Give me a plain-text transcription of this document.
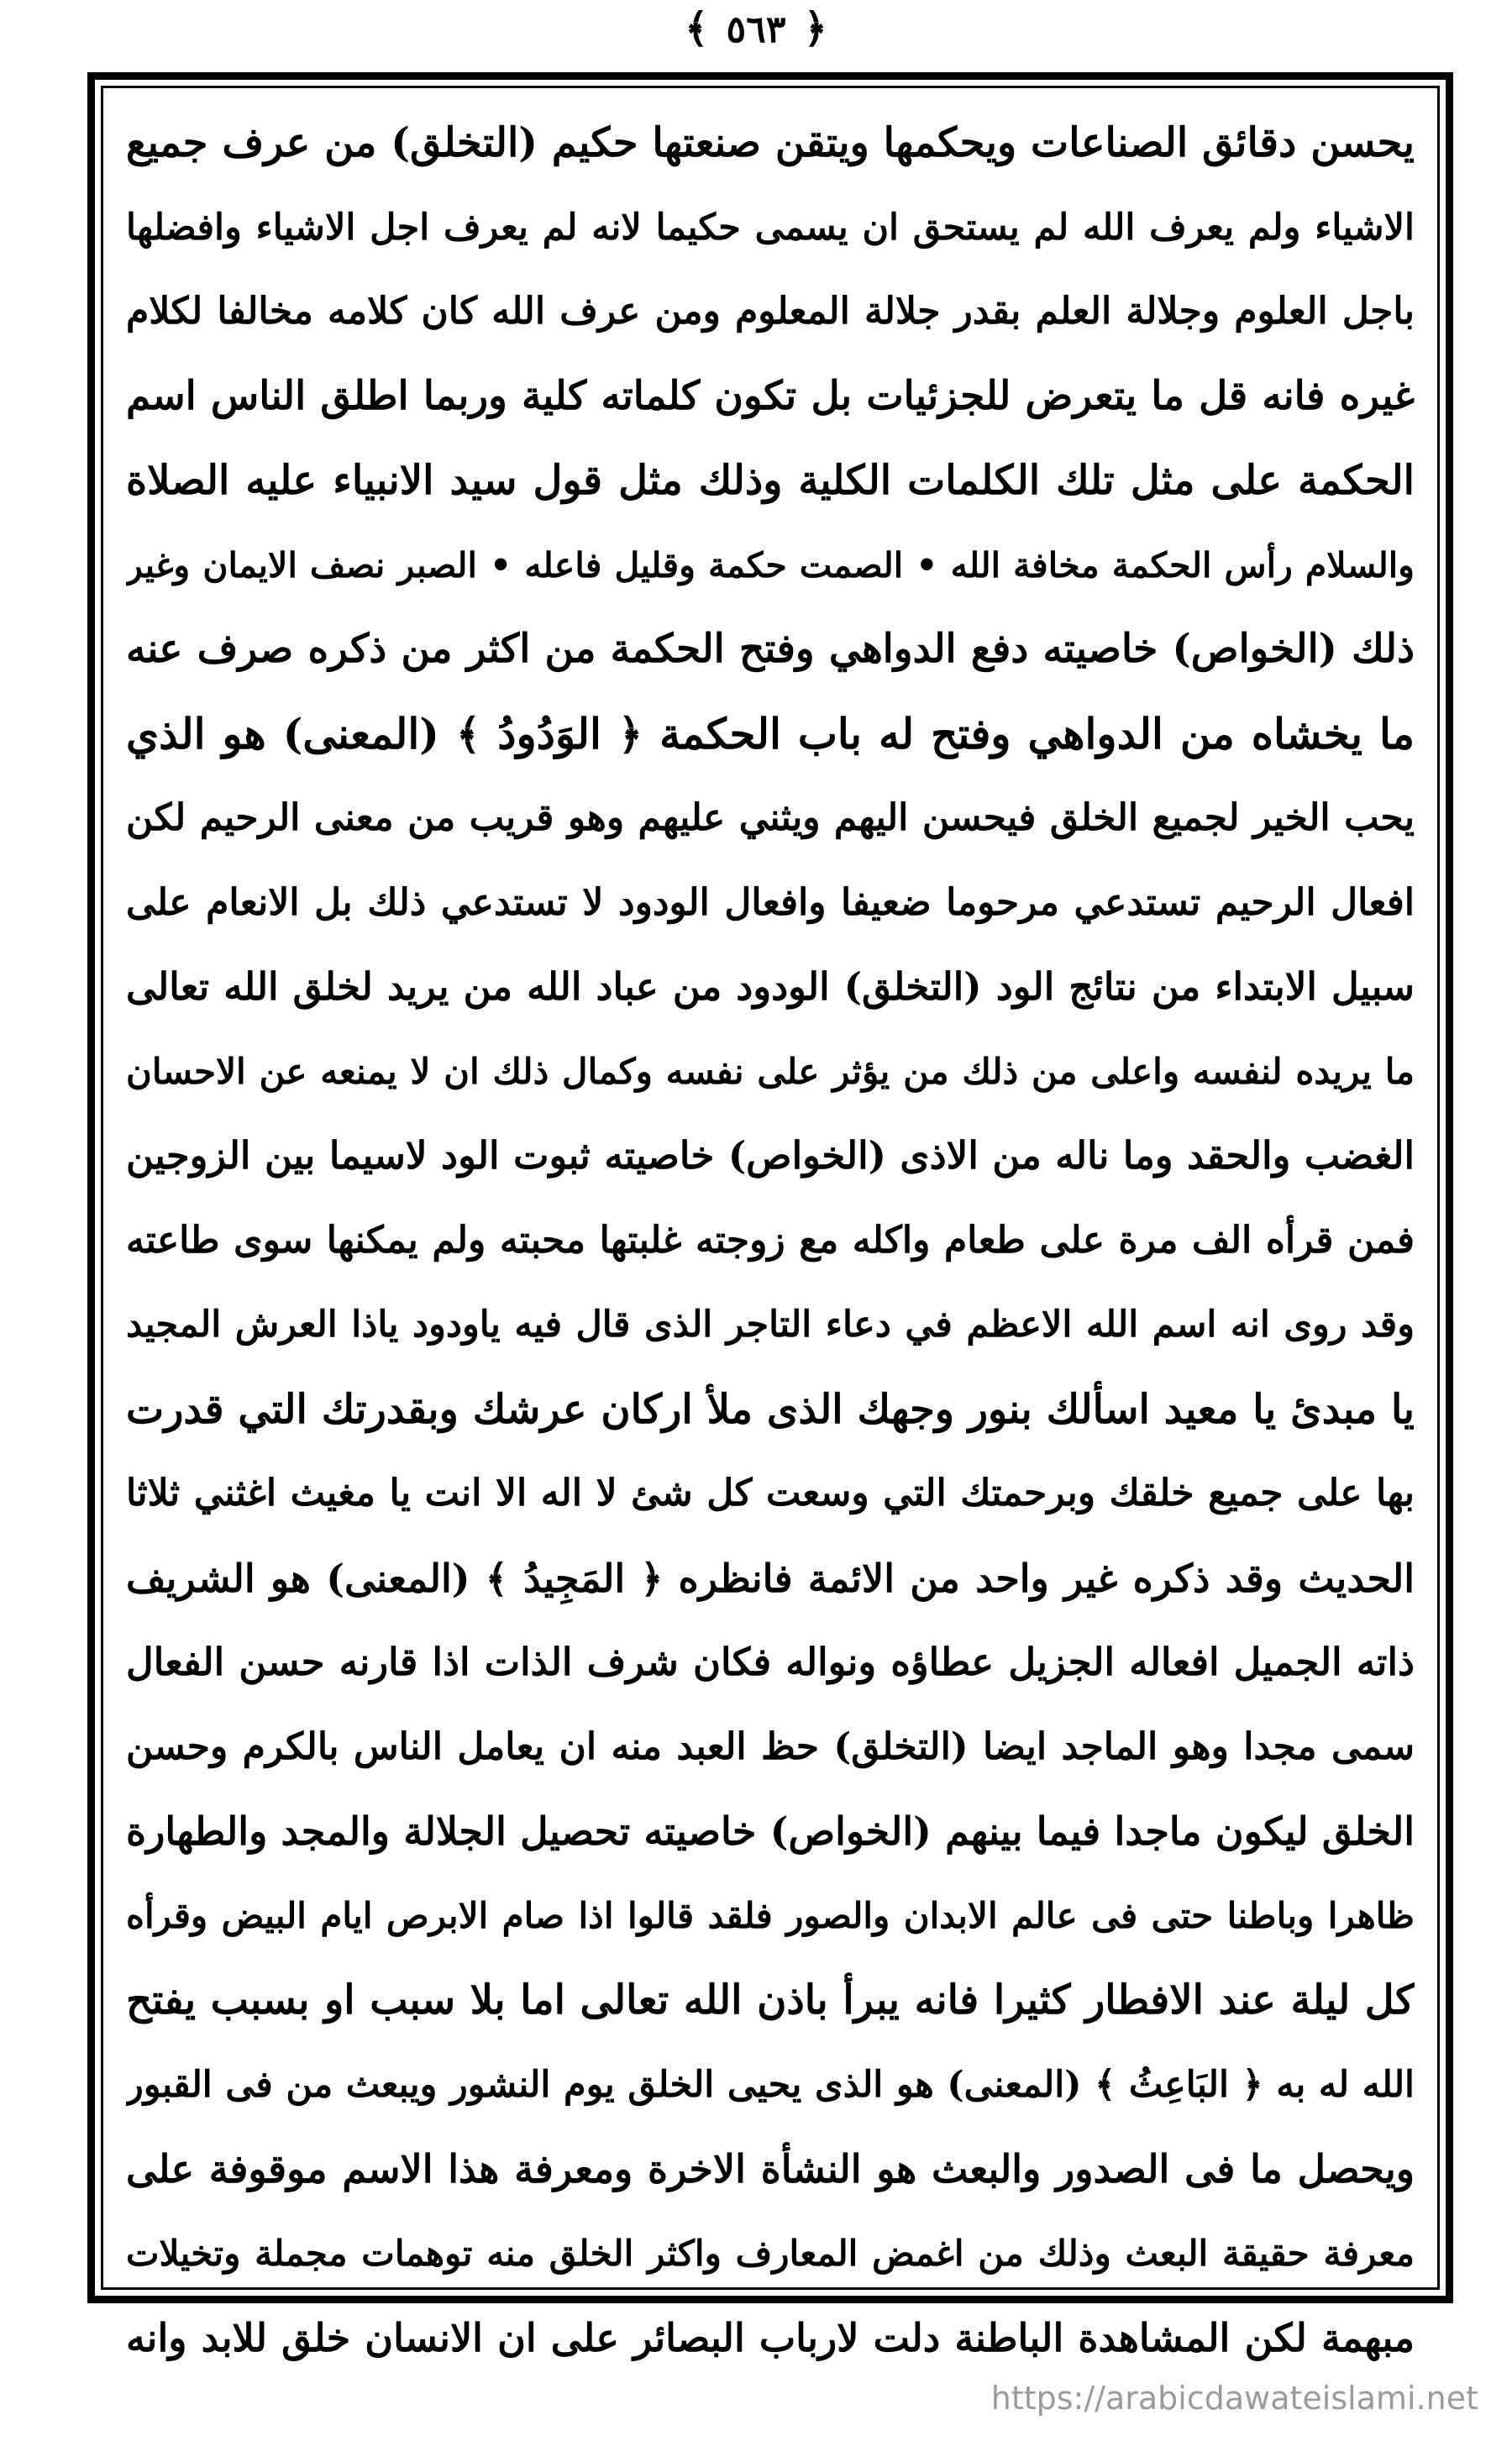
﴿ ٥٦٣ ﴾
يحسن دقائق الصناعات ويحكمها ويتقن صنعتها حكيم (التخلق) من عرف جميع
الاشياء ولم يعرف الله لم يستحق ان يسمى حكيما لانه لم يعرف اجل الاشياء وافضلها
باجل العلوم وجلالة العلم بقدر جلالة المعلوم ومن عرف الله كان كلامه مخالفا لكلام
غيره فانه قل ما يتعرض للجزئيات بل تكون كلماته كلية وربما اطلق الناس اسم
الحكمة على مثل تلك الكلمات الكلية وذلك مثل قول سيد الانبياء عليه الصلاة
والسلام رأس الحكمة مخافة الله • الصمت حكمة وقليل فاعله • الصبر نصف الايمان وغير
ذلك (الخواص) خاصيته دفع الدواهي وفتح الحكمة من اكثر من ذكره صرف عنه
ما يخشاه من الدواهي وفتح له باب الحكمة ﴿ الوَدُودُ ﴾ (المعنى) هو الذي
يحب الخير لجميع الخلق فيحسن اليهم ويثني عليهم وهو قريب من معنى الرحيم لكن
افعال الرحيم تستدعي مرحوما ضعيفا وافعال الودود لا تستدعي ذلك بل الانعام على
سبيل الابتداء من نتائج الود (التخلق) الودود من عباد الله من يريد لخلق الله تعالى
ما يريده لنفسه واعلى من ذلك من يؤثر على نفسه وكمال ذلك ان لا يمنعه عن الاحسان
الغضب والحقد وما ناله من الاذى (الخواص) خاصيته ثبوت الود لاسيما بين الزوجين
فمن قرأه الف مرة على طعام واكله مع زوجته غلبتها محبته ولم يمكنها سوى طاعته
وقد روى انه اسم الله الاعظم في دعاء التاجر الذى قال فيه ياودود ياذا العرش المجيد
يا مبدئ يا معيد اسألك بنور وجهك الذى ملأ اركان عرشك وبقدرتك التي قدرت
بها على جميع خلقك وبرحمتك التي وسعت كل شئ لا اله الا انت يا مغيث اغثني ثلاثا
الحديث وقد ذكره غير واحد من الائمة فانظره ﴿ المَجِيدُ ﴾ (المعنى) هو الشريف
ذاته الجميل افعاله الجزيل عطاؤه ونواله فكان شرف الذات اذا قارنه حسن الفعال
سمى مجدا وهو الماجد ايضا (التخلق) حظ العبد منه ان يعامل الناس بالكرم وحسن
الخلق ليكون ماجدا فيما بينهم (الخواص) خاصيته تحصيل الجلالة والمجد والطهارة
ظاهرا وباطنا حتى فى عالم الابدان والصور فلقد قالوا اذا صام الابرص ايام البيض وقرأه
كل ليلة عند الافطار كثيرا فانه يبرأ باذن الله تعالى اما بلا سبب او بسبب يفتح
الله له به ﴿ البَاعِثُ ﴾ (المعنى) هو الذى يحيى الخلق يوم النشور ويبعث من فى القبور
ويحصل ما فى الصدور والبعث هو النشأة الاخرة ومعرفة هذا الاسم موقوفة على
معرفة حقيقة البعث وذلك من اغمض المعارف واكثر الخلق منه توهمات مجملة وتخيلات
مبهمة لكن المشاهدة الباطنة دلت لارباب البصائر على ان الانسان خلق للابد وانه
https://arabicdawateislami.net
